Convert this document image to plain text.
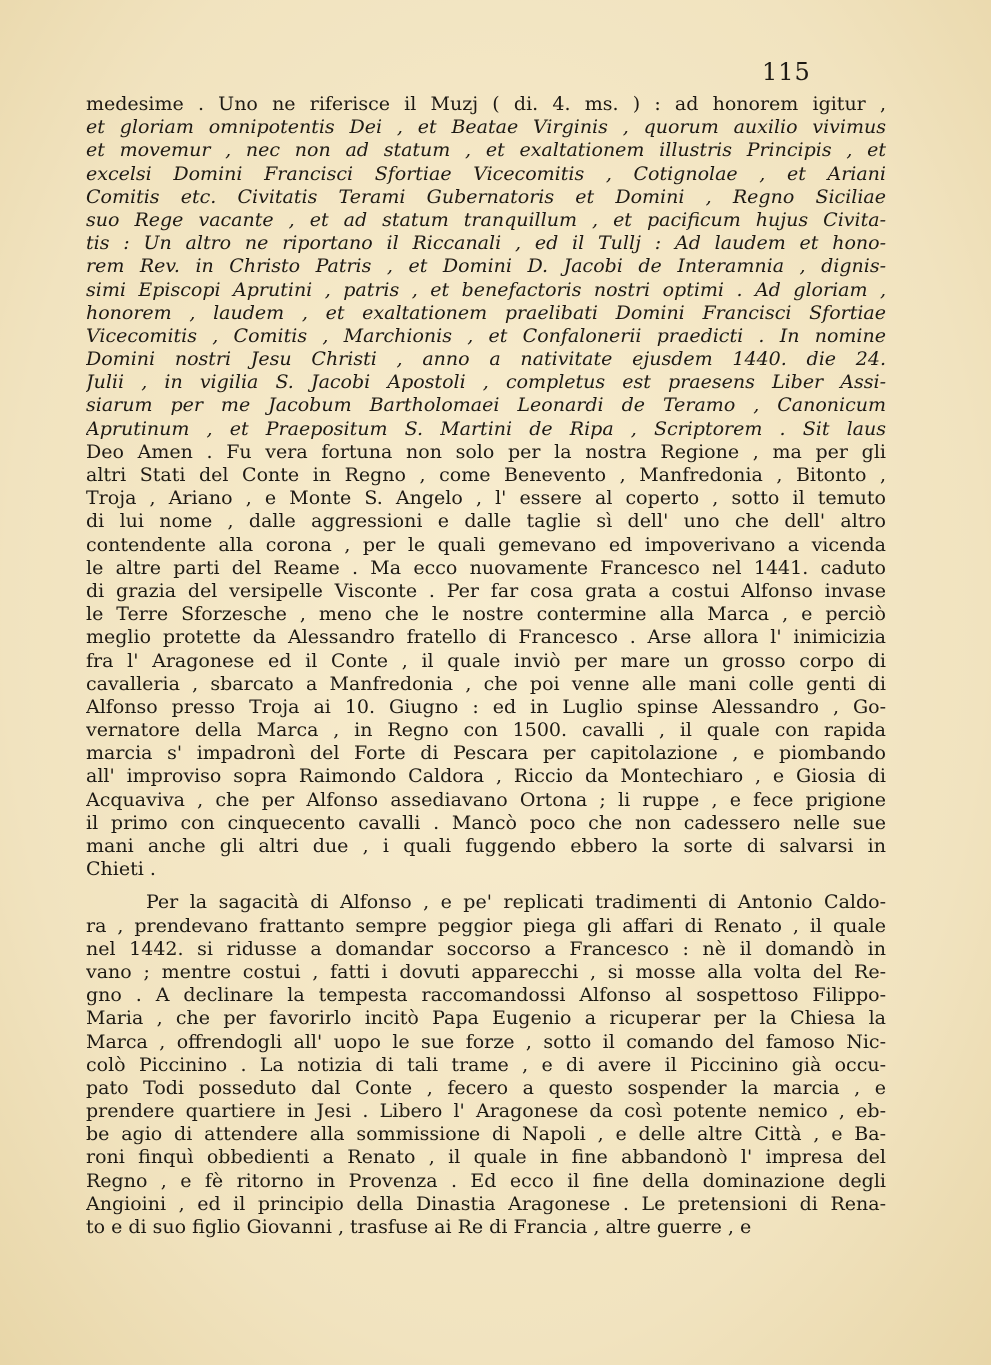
115
medesime . Uno ne riferisce il Muzj ( di. 4. ms. ) : ad honorem igitur ,
et gloriam omnipotentis Dei , et Beatae Virginis , quorum auxilio vivimus
et movemur , nec non ad statum , et exaltationem illustris Principis , et
excelsi Domini Francisci Sfortiae Vicecomitis , Cotignolae , et Ariani
Comitis etc. Civitatis Terami Gubernatoris et Domini , Regno Siciliae
suo Rege vacante , et ad statum tranquillum , et pacificum hujus Civita-
tis : Un altro ne riportano il Riccanali , ed il Tullj : Ad laudem et hono-
rem Rev. in Christo Patris , et Domini D. Jacobi de Interamnia , dignis-
simi Episcopi Aprutini , patris , et benefactoris nostri optimi . Ad gloriam ,
honorem , laudem , et exaltationem praelibati Domini Francisci Sfortiae
Vicecomitis , Comitis , Marchionis , et Confalonerii praedicti . In nomine
Domini nostri Jesu Christi , anno a nativitate ejusdem 1440. die 24.
Julii , in vigilia S. Jacobi Apostoli , completus est praesens Liber Assi-
siarum per me Jacobum Bartholomaei Leonardi de Teramo , Canonicum
Aprutinum , et Praepositum S. Martini de Ripa , Scriptorem . Sit laus
Deo Amen . Fu vera fortuna non solo per la nostra Regione , ma per gli
altri Stati del Conte in Regno , come Benevento , Manfredonia , Bitonto ,
Troja , Ariano , e Monte S. Angelo , l' essere al coperto , sotto il temuto
di lui nome , dalle aggressioni e dalle taglie sì dell' uno che dell' altro
contendente alla corona , per le quali gemevano ed impoverivano a vicenda
le altre parti del Reame . Ma ecco nuovamente Francesco nel 1441. caduto
di grazia del versipelle Visconte . Per far cosa grata a costui Alfonso invase
le Terre Sforzesche , meno che le nostre contermine alla Marca , e perciò
meglio protette da Alessandro fratello di Francesco . Arse allora l' inimicizia
fra l' Aragonese ed il Conte , il quale inviò per mare un grosso corpo di
cavalleria , sbarcato a Manfredonia , che poi venne alle mani colle genti di
Alfonso presso Troja ai 10. Giugno : ed in Luglio spinse Alessandro , Go-
vernatore della Marca , in Regno con 1500. cavalli , il quale con rapida
marcia s' impadronì del Forte di Pescara per capitolazione , e piombando
all' improviso sopra Raimondo Caldora , Riccio da Montechiaro , e Giosia di
Acquaviva , che per Alfonso assediavano Ortona ; li ruppe , e fece prigione
il primo con cinquecento cavalli . Mancò poco che non cadessero nelle sue
mani anche gli altri due , i quali fuggendo ebbero la sorte di salvarsi in
Chieti .
Per la sagacità di Alfonso , e pe' replicati tradimenti di Antonio Caldo-
ra , prendevano frattanto sempre peggior piega gli affari di Renato , il quale
nel 1442. si ridusse a domandar soccorso a Francesco : nè il domandò in
vano ; mentre costui , fatti i dovuti apparecchi , si mosse alla volta del Re-
gno . A declinare la tempesta raccomandossi Alfonso al sospettoso Filippo-
Maria , che per favorirlo incitò Papa Eugenio a ricuperar per la Chiesa la
Marca , offrendogli all' uopo le sue forze , sotto il comando del famoso Nic-
colò Piccinino . La notizia di tali trame , e di avere il Piccinino già occu-
pato Todi posseduto dal Conte , fecero a questo sospender la marcia , e
prendere quartiere in Jesi . Libero l' Aragonese da così potente nemico , eb-
be agio di attendere alla sommissione di Napoli , e delle altre Città , e Ba-
roni finquì obbedienti a Renato , il quale in fine abbandonò l' impresa del
Regno , e fè ritorno in Provenza . Ed ecco il fine della dominazione degli
Angioini , ed il principio della Dinastia Aragonese . Le pretensioni di Rena-
to e di suo figlio Giovanni , trasfuse ai Re di Francia , altre guerre , e
